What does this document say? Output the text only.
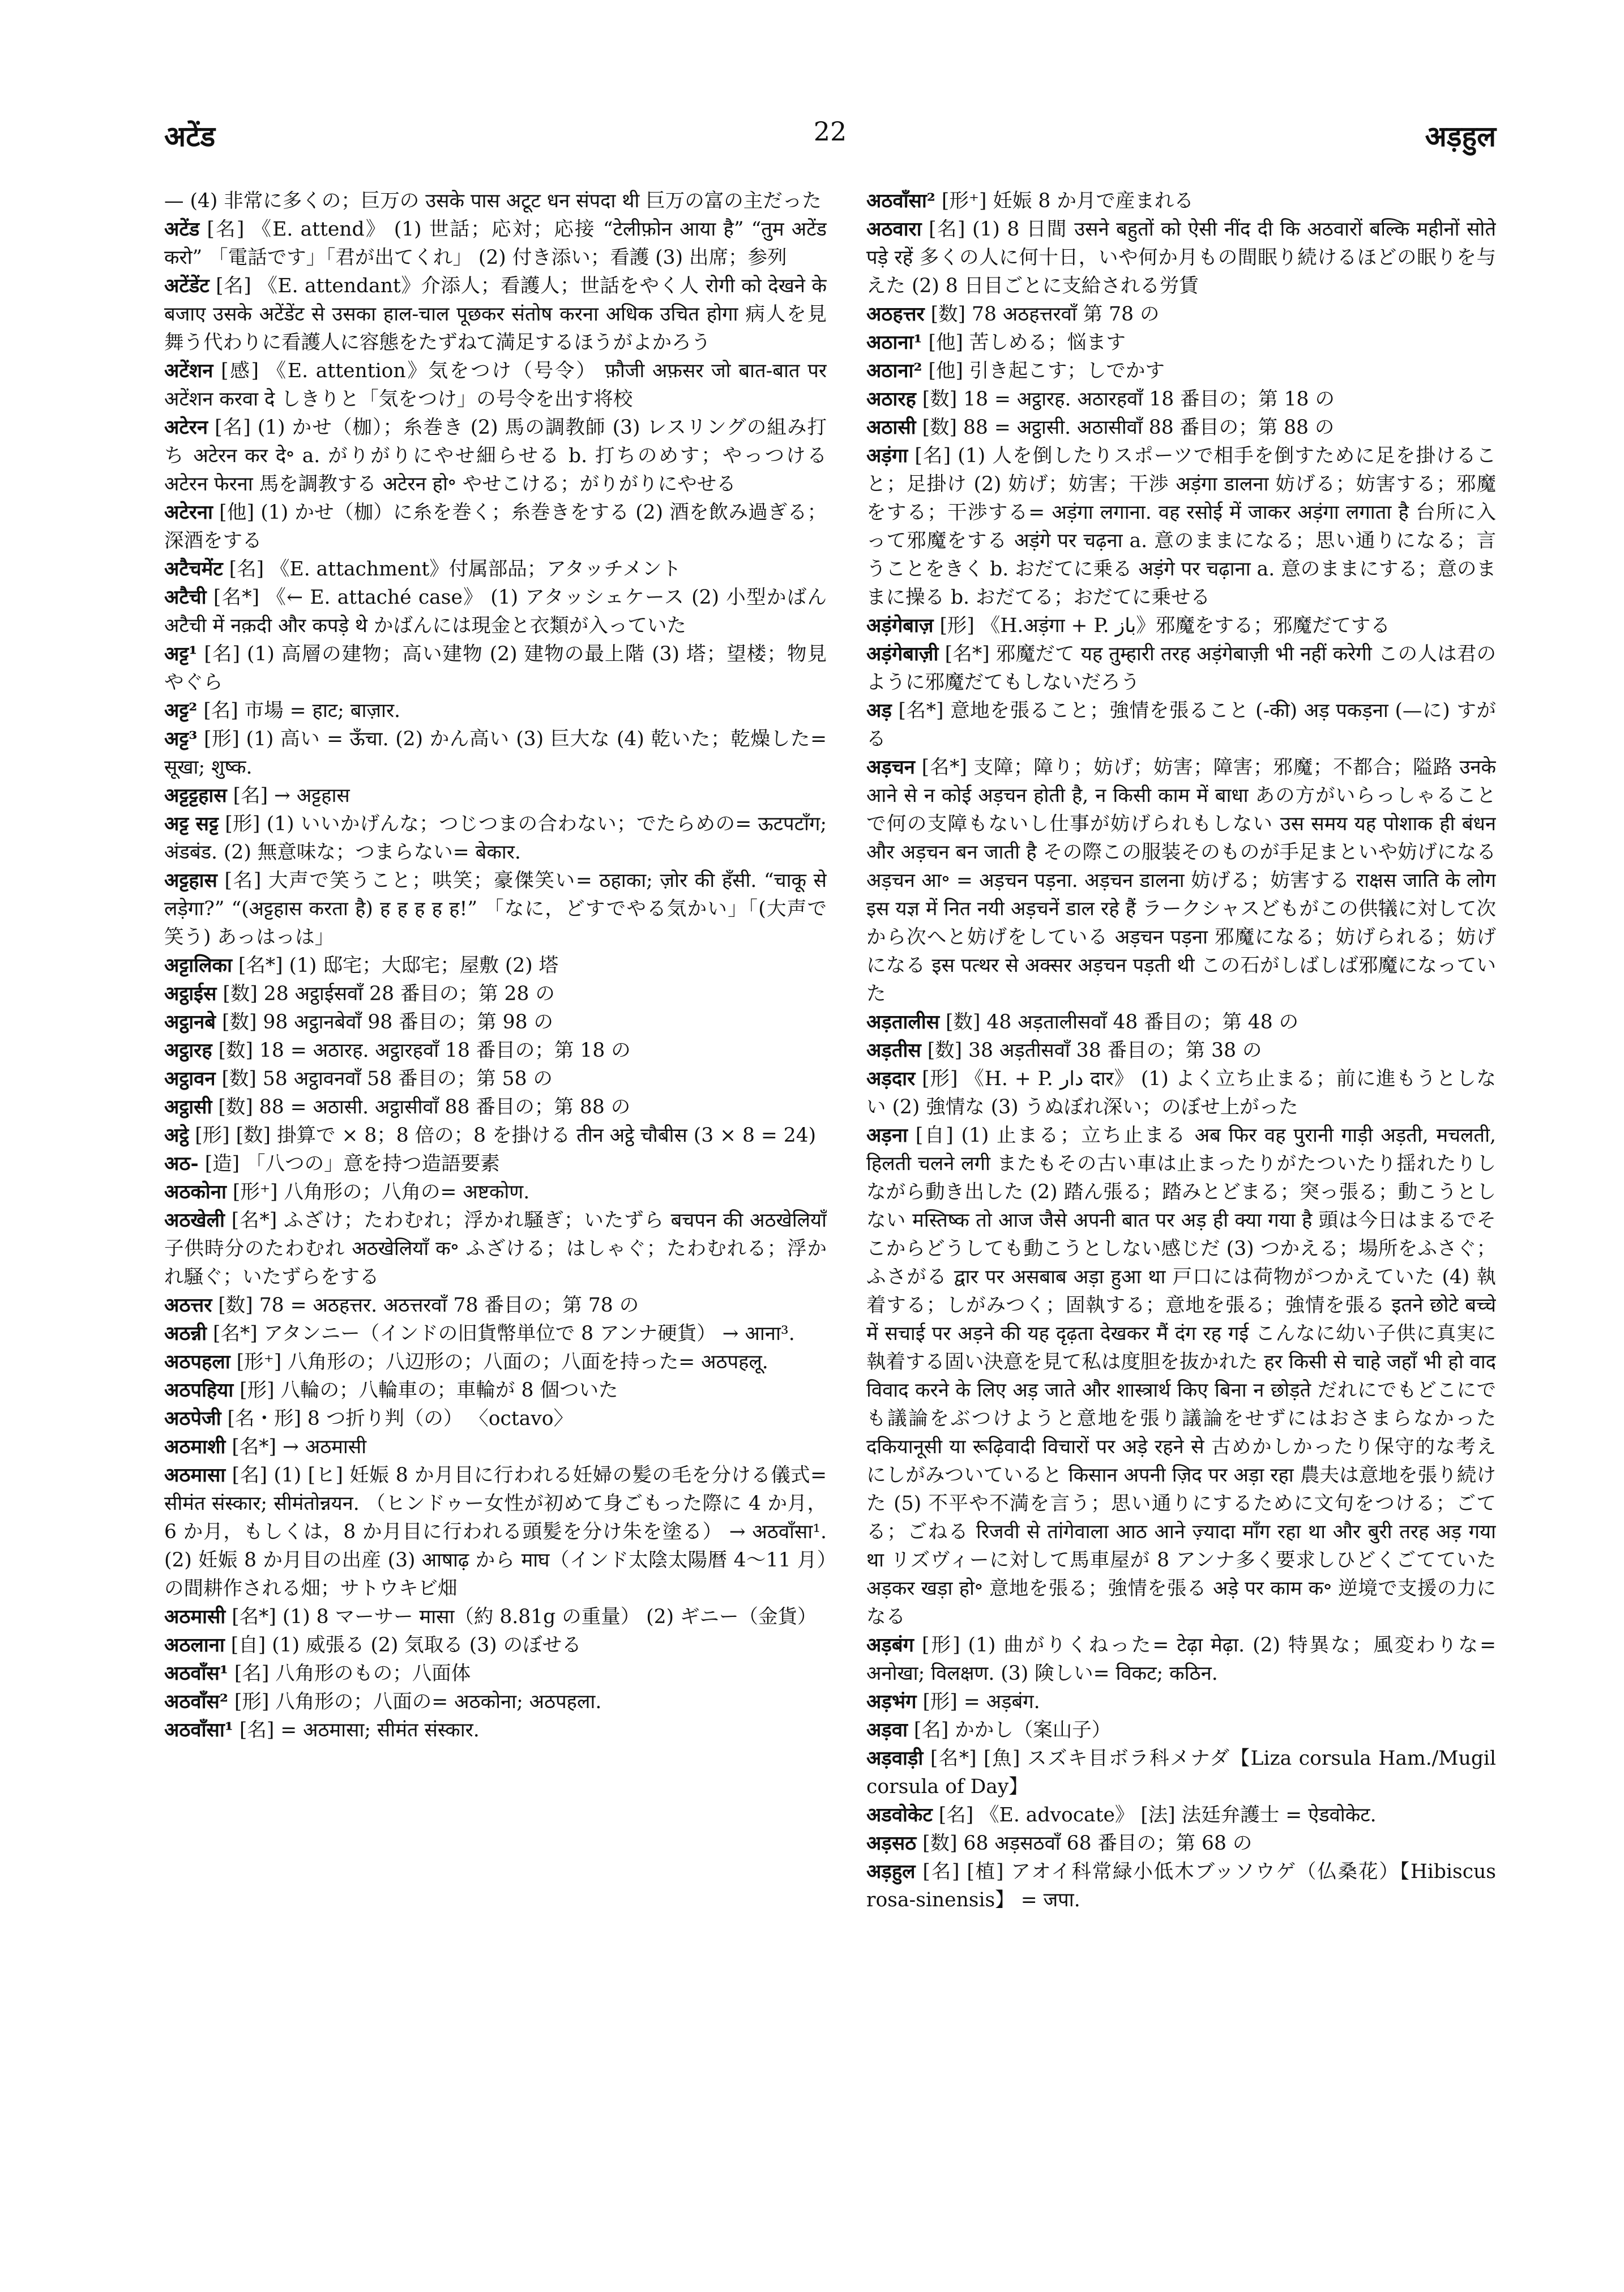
अटेंड	22	अड़हुल

— (4) 非常に多くの；巨万の उसके पास अटूट धन संपदा थी 巨万の富の主だった

अटेंड [名] 《E. attend》 (1) 世話；応対；応接 “टेलीफ़ोन आया है” “तुम अटेंड करो” 「電話です」「君が出てくれ」 (2) 付き添い；看護 (3) 出席；参列

अटेंडेंट [名] 《E. attendant》介添人；看護人；世話をやく人 रोगी को देखने के बजाए उसके अटेंडेंट से उसका हाल-चाल पूछकर संतोष करना अधिक उचित होगा 病人を見舞う代わりに看護人に容態をたずねて満足するほうがよかろう

अटेंशन [感] 《E. attention》気をつけ（号令） फ़ौजी अफ़सर जो बात-बात पर अटेंशन करवा दे しきりと「気をつけ」の号令を出す将校

अटेरन [名] (1) かせ（枷）；糸巻き (2) 馬の調教師 (3) レスリングの組み打ち अटेरन कर दे॰ a. がりがりにやせ細らせる b. 打ちのめす；やっつける अटेरन फेरना 馬を調教する अटेरन हो॰ やせこける；がりがりにやせる

अटेरना [他] (1) かせ（枷）に糸を巻く；糸巻きをする (2) 酒を飲み過ぎる；深酒をする

अटैचमेंट [名] 《E. attachment》付属部品；アタッチメント

अटैची [名*] 《← E. attaché case》 (1) アタッシェケース (2) 小型かばん अटैची में नक़दी और कपड़े थे かばんには現金と衣類が入っていた

अट्ट¹ [名] (1) 高層の建物；高い建物 (2) 建物の最上階 (3) 塔；望楼；物見やぐら

अट्ट² [名] 市場 = हाट; बाज़ार.

अट्ट³ [形] (1) 高い = ऊँचा. (2) かん高い (3) 巨大な (4) 乾いた；乾燥した= सूखा; शुष्क.

अट्टट्टहास [名] → अट्टहास

अट्ट सट्ट [形] (1) いいかげんな；つじつまの合わない；でたらめの= ऊटपटाँग; अंडबंड. (2) 無意味な；つまらない= बेकार.

अट्टहास [名] 大声で笑うこと；哄笑；豪傑笑い= ठहाका; ज़ोर की हँसी. “चाकू से लड़ेगा?” “(अट्टहास करता है) ह ह ह ह ह!” 「なに，どすでやる気かい」「(大声で笑う) あっはっは」

अट्टालिका [名*] (1) 邸宅；大邸宅；屋敷 (2) 塔

अट्ठाईस [数] 28 अट्ठाईसवाँ 28 番目の；第 28 の

अट्ठानबे [数] 98 अट्ठानबेवाँ 98 番目の；第 98 の

अट्ठारह [数] 18 = अठारह. अट्ठारहवाँ 18 番目の；第 18 の

अट्ठावन [数] 58 अट्ठावनवाँ 58 番目の；第 58 の

अट्ठासी [数] 88 = अठासी. अट्ठासीवाँ 88 番目の；第 88 の

अट्ठे [形] [数] 掛算で × 8；8 倍の；8 を掛ける तीन अट्ठे चौबीस (3 × 8 = 24)

अठ- [造] 「八つの」意を持つ造語要素

अठकोना [形⁺] 八角形の；八角の= अष्टकोण.

अठखेली [名*] ふざけ；たわむれ；浮かれ騒ぎ；いたずら बचपन की अठखेलियाँ 子供時分のたわむれ अठखेलियाँ क॰ ふざける；はしゃぐ；たわむれる；浮かれ騒ぐ；いたずらをする

अठत्तर [数] 78 = अठहत्तर. अठत्तरवाँ 78 番目の；第 78 の

अठन्नी [名*] アタンニー（インドの旧貨幣単位で 8 アンナ硬貨） → आना³.

अठपहला [形⁺] 八角形の；八辺形の；八面の；八面を持った= अठपहलू.

अठपहिया [形] 八輪の；八輪車の；車輪が 8 個ついた

अठपेजी [名・形] 8 つ折り判（の） 〈octavo〉

अठमाशी [名*] → अठमासी

अठमासा [名] (1) [ヒ] 妊娠 8 か月目に行われる妊婦の髪の毛を分ける儀式= सीमंत संस्कार; सीमंतोन्नयन. （ヒンドゥー女性が初めて身ごもった際に 4 か月，6 か月，もしくは，8 か月目に行われる頭髪を分け朱を塗る） → अठवाँसा¹. (2) 妊娠 8 か月目の出産 (3) आषाढ़ から माघ（インド太陰太陽暦 4〜11 月）の間耕作される畑；サトウキビ畑

अठमासी [名*] (1) 8 マーサー मासा（約 8.81g の重量） (2) ギニー（金貨）

अठलाना [自] (1) 威張る (2) 気取る (3) のぼせる

अठवाँस¹ [名] 八角形のもの；八面体

अठवाँस² [形] 八角形の；八面の= अठकोना; अठपहला.

अठवाँसा¹ [名] = अठमासा; सीमंत संस्कार.

अठवाँसा² [形⁺] 妊娠 8 か月で産まれる

अठवारा [名] (1) 8 日間 उसने बहुतों को ऐसी नींद दी कि अठवारों बल्कि महीनों सोते पड़े रहें 多くの人に何十日，いや何か月もの間眠り続けるほどの眠りを与えた (2) 8 日目ごとに支給される労賃

अठहत्तर [数] 78 अठहत्तरवाँ 第 78 の

अठाना¹ [他] 苦しめる；悩ます

अठाना² [他] 引き起こす；しでかす

अठारह [数] 18 = अट्ठारह. अठारहवाँ 18 番目の；第 18 の

अठासी [数] 88 = अट्ठासी. अठासीवाँ 88 番目の；第 88 の

अड़ंगा [名] (1) 人を倒したりスポーツで相手を倒すために足を掛けること；足掛け (2) 妨げ；妨害；干渉 अड़ंगा डालना 妨げる；妨害する；邪魔をする；干渉する= अड़ंगा लगाना. वह रसोई में जाकर अड़ंगा लगाता है 台所に入って邪魔をする अड़ंगे पर चढ़ना a. 意のままになる；思い通りになる；言うことをきく b. おだてに乗る अड़ंगे पर चढ़ाना a. 意のままにする；意のままに操る b. おだてる；おだてに乗せる

अड़ंगेबाज़ [形] 《H.अड़ंगा + P. باز》邪魔をする；邪魔だてする

अड़ंगेबाज़ी [名*] 邪魔だて यह तुम्हारी तरह अड़ंगेबाज़ी भी नहीं करेगी この人は君のように邪魔だてもしないだろう

अड़ [名*] 意地を張ること；強情を張ること (-की) अड़ पकड़ना (—に) すがる

अड़चन [名*] 支障；障り；妨げ；妨害；障害；邪魔；不都合；隘路 उनके आने से न कोई अड़चन होती है, न किसी काम में बाधा あの方がいらっしゃることで何の支障もないし仕事が妨げられもしない उस समय यह पोशाक ही बंधन और अड़चन बन जाती है その際この服装そのものが手足まといや妨げになる अड़चन आ॰ = अड़चन पड़ना. अड़चन डालना 妨げる；妨害する राक्षस जाति के लोग इस यज्ञ में नित नयी अड़चनें डाल रहे हैं ラークシャスどもがこの供犠に対して次から次へと妨げをしている अड़चन पड़ना 邪魔になる；妨げられる；妨げになる इस पत्थर से अक्सर अड़चन पड़ती थी この石がしばしば邪魔になっていた

अड़तालीस [数] 48 अड़तालीसवाँ 48 番目の；第 48 の

अड़तीस [数] 38 अड़तीसवाँ 38 番目の；第 38 の

अड़दार [形] 《H. + P. دار दार》 (1) よく立ち止まる；前に進もうとしない (2) 強情な (3) うぬぼれ深い；のぼせ上がった

अड़ना [自] (1) 止まる；立ち止まる अब फिर वह पुरानी गाड़ी अड़ती, मचलती, हिलती चलने लगी またもその古い車は止まったりがたついたり揺れたりしながら動き出した (2) 踏ん張る；踏みとどまる；突っ張る；動こうとしない मस्तिष्क तो आज जैसे अपनी बात पर अड़ ही क्या गया है 頭は今日はまるでそこからどうしても動こうとしない感じだ (3) つかえる；場所をふさぐ；ふさがる द्वार पर असबाब अड़ा हुआ था 戸口には荷物がつかえていた (4) 執着する；しがみつく；固執する；意地を張る；強情を張る इतने छोटे बच्चे में सचाई पर अड़ने की यह दृढ़ता देखकर मैं दंग रह गई こんなに幼い子供に真実に執着する固い決意を見て私は度胆を抜かれた हर किसी से चाहे जहाँ भी हो वाद विवाद करने के लिए अड़ जाते और शास्त्रार्थ किए बिना न छोड़ते だれにでもどこにでも議論をぶつけようと意地を張り議論をせずにはおさまらなかった दकियानूसी या रूढ़िवादी विचारों पर अड़े रहने से 古めかしかったり保守的な考えにしがみついていると किसान अपनी ज़िद पर अड़ा रहा 農夫は意地を張り続けた (5) 不平や不満を言う；思い通りにするために文句をつける；ごてる；ごねる रिजवी से तांगेवाला आठ आने ज़्यादा माँग रहा था और बुरी तरह अड़ गया था リズヴィーに対して馬車屋が 8 アンナ多く要求しひどくごてていた अड़कर खड़ा हो॰ 意地を張る；強情を張る अड़े पर काम क॰ 逆境で支援の力になる

अड़बंग [形] (1) 曲がりくねった= टेढ़ा मेढ़ा. (2) 特異な；風変わりな= अनोखा; विलक्षण. (3) 険しい= विकट; कठिन.

अड़भंग [形] = अड़बंग.

अड़वा [名] かかし（案山子）

अड़वाड़ी [名*] [魚] スズキ目ボラ科メナダ【Liza corsula Ham./Mugil corsula of Day】

अडवोकेट [名] 《E. advocate》 [法] 法廷弁護士 = ऐडवोकेट.

अड़सठ [数] 68 अड़सठवाँ 68 番目の；第 68 の

अड़हुल [名] [植] アオイ科常緑小低木ブッソウゲ（仏桑花）【Hibiscus rosa-sinensis】 = जपा.
